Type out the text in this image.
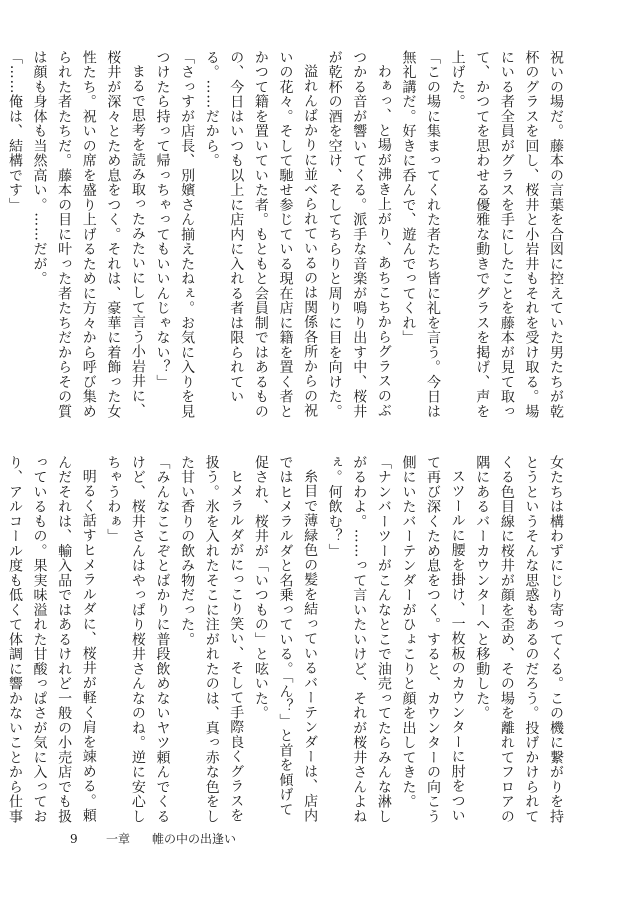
祝いの場だ。藤本の言葉を合図に控えていた男たちが乾杯のグラスを回し、桜井と小岩井もそれを受け取る。場にいる者全員がグラスを手にしたことを藤本が見て取って、かつてを思わせる優雅な動きでグラスを掲げ、声を上げた。

「この場に集まってくれた者たち皆に礼を言う。今日は無礼講だ。好きに呑んで、遊んでってくれ」

わぁっ、と場が沸き上がり、あちこちからグラスのぶつかる音が響いてくる。派手な音楽が鳴り出す中、桜井が乾杯の酒を空け、そしてちらりと周りに目を向けた。

溢れんばかりに並べられているのは関係各所からの祝いの花々。そして馳せ参じている現在店に籍を置く者とかつて籍を置いていた者。もともと会員制ではあるものの、今日はいつも以上に店内に入れる者は限られている。……だから。

「さっすが店長、別嬪さん揃えたねぇ。お気に入りを見つけたら持って帰っちゃってもいいんじゃない？」

まるで思考を読み取ったみたいにして言う小岩井に、桜井が深々とため息をつく。それは、豪華に着飾った女性たち。祝いの席を盛り上げるために方々から呼び集められた者たちだ。藤本の目に叶った者たちだからその質は顔も身体も当然高い。……だが。

「……俺は、結構です」

女たちは構わずにじり寄ってくる。この機に繋がりを持とうというそんな思惑もあるのだろう。投げかけられてくる色目線に桜井が顔を歪め、その場を離れてフロアの隅にあるバーカウンターへと移動した。

スツールに腰を掛け、一枚板のカウンターに肘をついて再び深くため息をつく。すると、カウンターの向こう側にいたバーテンダーがひょこりと顔を出してきた。

「ナンバーツーがこんなとこで油売ってたらみんな淋しがるわよ。……って言いたいけど、それが桜井さんよねぇ。何飲む？」

糸目で薄緑色の髪を結っているバーテンダーは、店内ではヒメラルダと名乗っている。「ん？」と首を傾げて促され、桜井が「いつもの」と呟いた。

ヒメラルダがにっこり笑い、そして手際良くグラスを扱う。氷を入れたそこに注がれたのは、真っ赤な色をした甘い香りの飲み物だった。

「みんなここぞとばかりに普段飲めないヤツ頼んでくるけど、桜井さんはやっぱり桜井さんなのね。逆に安心しちゃうわぁ」

明るく話すヒメラルダに、桜井が軽く肩を竦める。頼んだそれは、輸入品ではあるけれど一般の小売店でも扱っているもの。果実味溢れた甘酸っぱさが気に入っており、アルコール度も低くて体調に響かないことから仕事

9 一章 帷の中の出逢い
